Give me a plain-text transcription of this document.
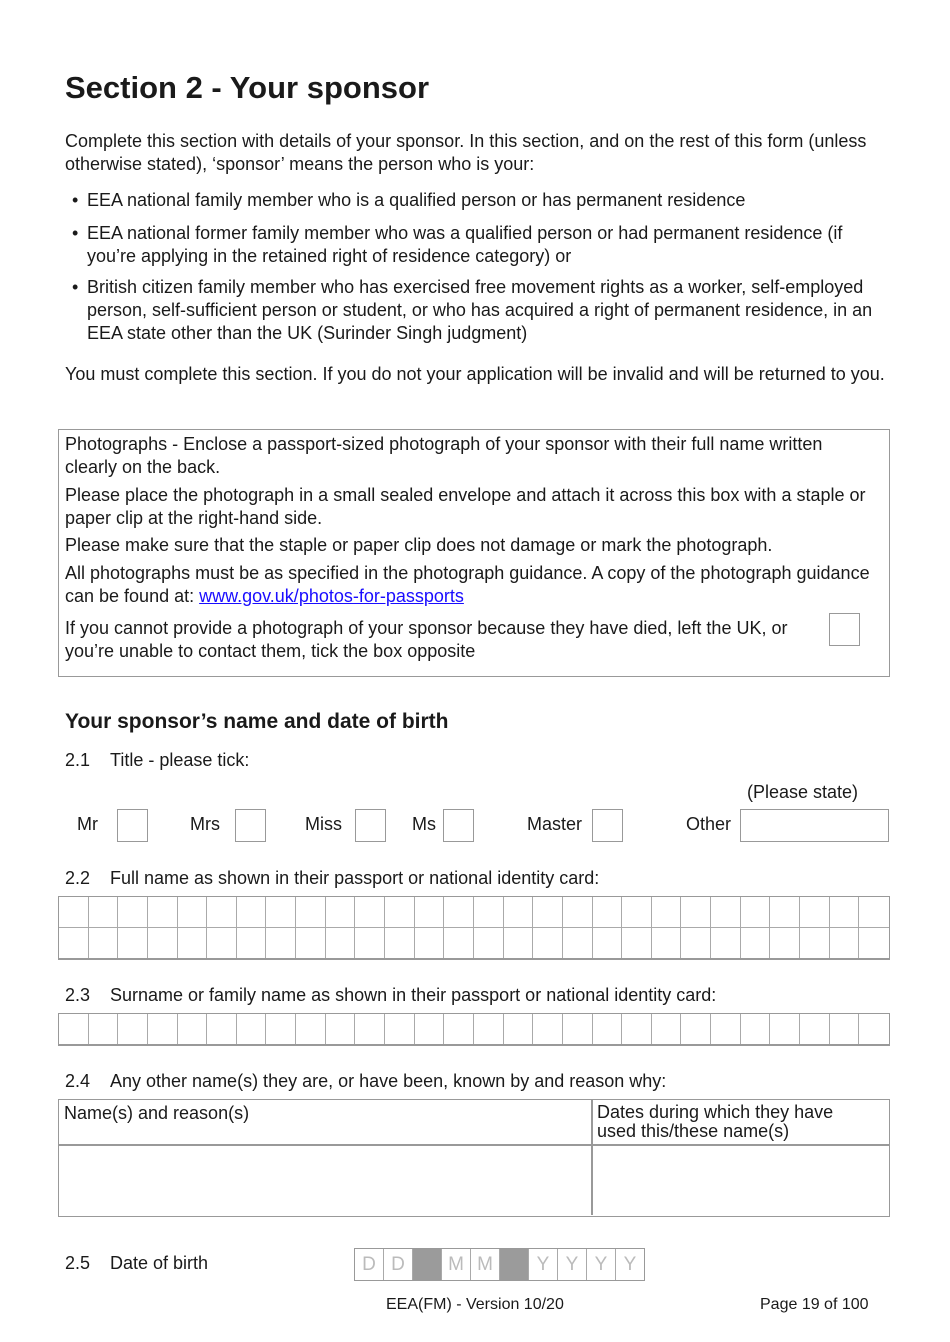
Section 2 - Your sponsor

Complete this section with details of your sponsor. In this section, and on the rest of this form (unless otherwise stated), ‘sponsor’ means the person who is your:

• EEA national family member who is a qualified person or has permanent residence
• EEA national former family member who was a qualified person or had permanent residence (if you’re applying in the retained right of residence category) or
• British citizen family member who has exercised free movement rights as a worker, self-employed person, self-sufficient person or student, or who has acquired a right of permanent residence, in an EEA state other than the UK (Surinder Singh judgment)

You must complete this section. If you do not your application will be invalid and will be returned to you.

Photographs - Enclose a passport-sized photograph of your sponsor with their full name written clearly on the back.

Please place the photograph in a small sealed envelope and attach it across this box with a staple or paper clip at the right-hand side.

Please make sure that the staple or paper clip does not damage or mark the photograph.

All photographs must be as specified in the photograph guidance. A copy of the photograph guidance can be found at: www.gov.uk/photos-for-passports

If you cannot provide a photograph of your sponsor because they have died, left the UK, or you’re unable to contact them, tick the box opposite

Your sponsor’s name and date of birth
2.1 Title - please tick:
(Please state)
Mr	Mrs	Miss	Ms	Master	Other
2.2 Full name as shown in their passport or national identity card:
2.3 Surname or family name as shown in their passport or national identity card:
2.4 Any other name(s) they are, or have been, known by and reason why:
Name(s) and reason(s)	Dates during which they have used this/these name(s)
2.5 Date of birth	D D	M M	Y Y Y Y
EEA(FM) - Version 10/20	Page 19 of 100
